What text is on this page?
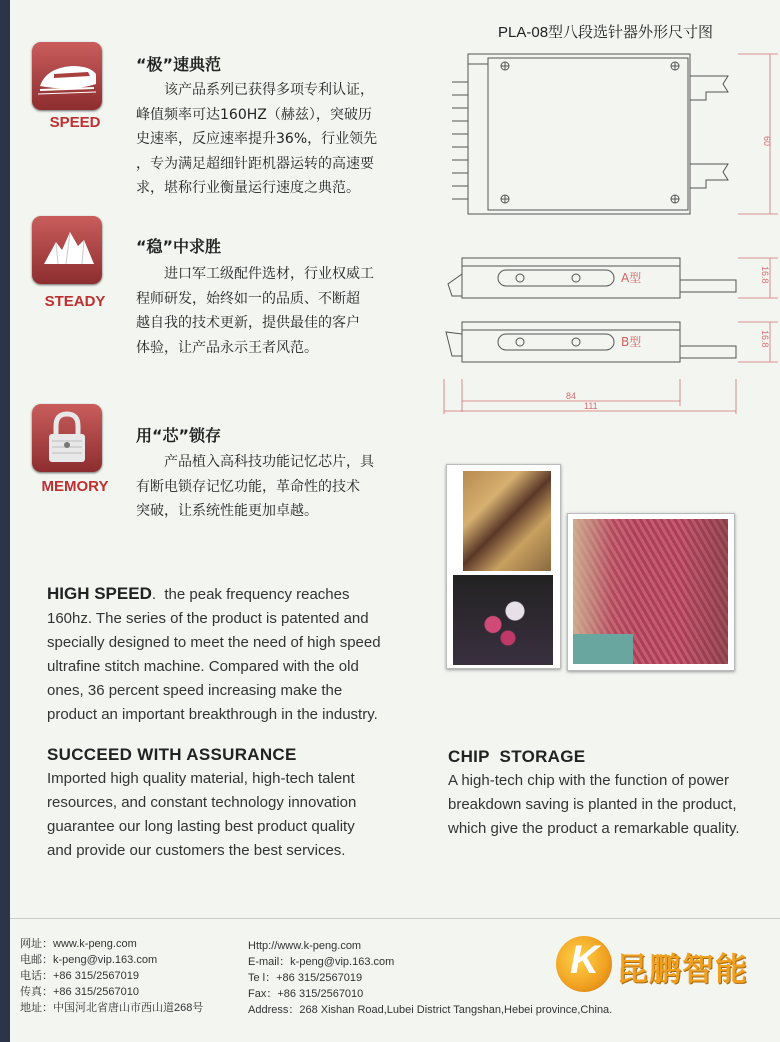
PLA-08型八段选针器外形尺寸图
60
A型	16.8
B型	16.8
84
111
SPEED
“极”速典范
　　该产品系列已获得多项专利认证，
峰值频率可达160HZ（赫兹），突破历
史速率，反应速率提升36%，行业领先
，专为满足超细针距机器运转的高速要
求，堪称行业衡量运行速度之典范。
STEADY
“稳”中求胜
　　进口军工级配件选材，行业权威工
程师研发，始终如一的品质、不断超
越自我的技术更新，提供最佳的客户
体验，让产品永示王者风范。
MEMORY
用“芯”锁存
　　产品植入高科技功能记忆芯片，具
有断电锁存记忆功能，革命性的技术
突破，让系统性能更加卓越。
HIGH SPEED.  the peak frequency reaches
160hz. The series of the product is patented and
specially designed to meet the need of high speed
ultrafine stitch machine. Compared with the old
ones, 36 percent speed increasing make the
product an important breakthrough in the industry.
SUCCEED WITH ASSURANCE
Imported high quality material, high-tech talent
resources, and constant technology innovation
guarantee our long lasting best product quality
and provide our customers the best services.
CHIP  STORAGE
A high-tech chip with the function of power
breakdown saving is planted in the product,
which give the product a remarkable quality.
网址：www.k-peng.com
电邮：k-peng@vip.163.com
电话：+86 315/2567019
传真：+86 315/2567010
地址：中国河北省唐山市西山道268号
Http://www.k-peng.com
E-mail：k-peng@vip.163.com
Te l：+86 315/2567019
Fax：+86 315/2567010
Address：268 Xishan Road,Lubei District Tangshan,Hebei province,China.
K 昆鹏智能
